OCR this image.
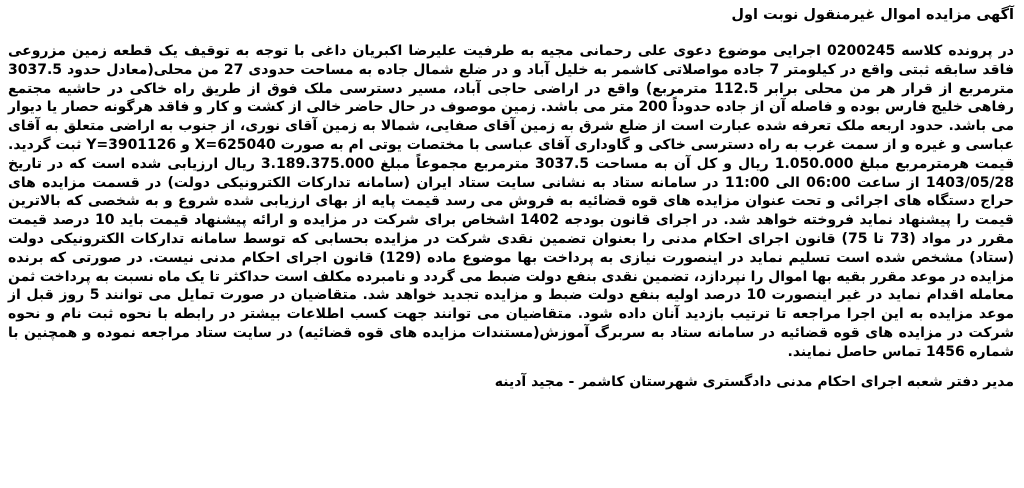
آگهی مزایده اموال غیرمنقول نوبت اول

در پرونده کلاسه 0200245 اجرایی موضوع دعوی علی رحمانی مجیه به طرفیت علیرضا اکبریان داغی با توجه به توقیف یک قطعه زمین مزروعی فاقد سابقه ثبتی واقع در کیلومتر 7 جاده مواصلاتی کاشمر به خلیل آباد و در ضلع شمال جاده به مساحت حدودی 27 من محلی(معادل حدود 3037.5 مترمربع از قرار هر من محلی برابر 112.5 مترمربع) واقع در اراضی حاجی آباد، مسیر دسترسی ملک فوق از طریق راه خاکی در حاشیه مجتمع رفاهی خلیج فارس بوده و فاصله آن از جاده حدوداً 200 متر می باشد. زمین موصوف در حال حاضر خالی از کشت و کار و فاقد هرگونه حصار یا دیوار می باشد. حدود اربعه ملک تعرفه شده عبارت است از ضلع شرق به زمین آقای صفایی، شمالا به زمین آقای نوری، از جنوب به اراضی متعلق به آقای عباسی و غیره و از سمت غرب به راه دسترسی خاکی و گاوداری آقای عباسی با مختصات یوتی ام به صورت X=625040 و Y=3901126 ثبت گردید. قیمت هرمترمربع مبلغ 1.050.000 ریال و کل آن به مساحت 3037.5 مترمربع مجموعاً مبلغ 3.189.375.000 ریال ارزیابی شده است که در تاریخ 1403/05/28 از ساعت 06:00 الی 11:00 در سامانه ستاد به نشانی سایت ستاد ایران (سامانه تدارکات الکترونیکی دولت) در قسمت مزایده های حراج دستگاه های اجرائی و تحت عنوان مزایده های قوه قضائیه به فروش می رسد قیمت پایه از بهای ارزیابی شده شروع و به شخصی که بالاترین قیمت را پیشنهاد نماید فروخته خواهد شد. در اجرای قانون بودجه 1402 اشخاص برای شرکت در مزایده و ارائه پیشنهاد قیمت باید 10 درصد قیمت مقرر در مواد (73 تا 75) قانون اجرای احکام مدنی را بعنوان تضمین نقدی شرکت در مزایده بحسابی که توسط سامانه تدارکات الکترونیکی دولت (ستاد) مشخص شده است تسلیم نماید در اینصورت نیازی به پرداخت بها موضوع ماده (129) قانون اجرای احکام مدنی نیست. در صورتی که برنده مزایده در موعد مقرر بقیه بها اموال را نپردازد، تضمین نقدی بنفع دولت ضبط می گردد و نامبرده مکلف است حداکثر تا یک ماه نسبت به پرداخت ثمن معامله اقدام نماید در غیر اینصورت 10 درصد اولیه بنفع دولت ضبط و مزایده تجدید خواهد شد. متقاضیان در صورت تمایل می توانند 5 روز قبل از موعد مزایده به این اجرا مراجعه تا ترتیب بازدید آنان داده شود. متقاضیان می توانند جهت کسب اطلاعات بیشتر در رابطه با نحوه ثبت نام و نحوه شرکت در مزایده های قوه قضائیه در سامانه ستاد به سربرگ آموزش(مستندات مزایده های قوه قضائیه) در سایت ستاد مراجعه نموده و همچنین با شماره 1456 تماس حاصل نمایند.

مدیر دفتر شعبه اجرای احکام مدنی دادگستری شهرستان کاشمر - مجید آدینه
